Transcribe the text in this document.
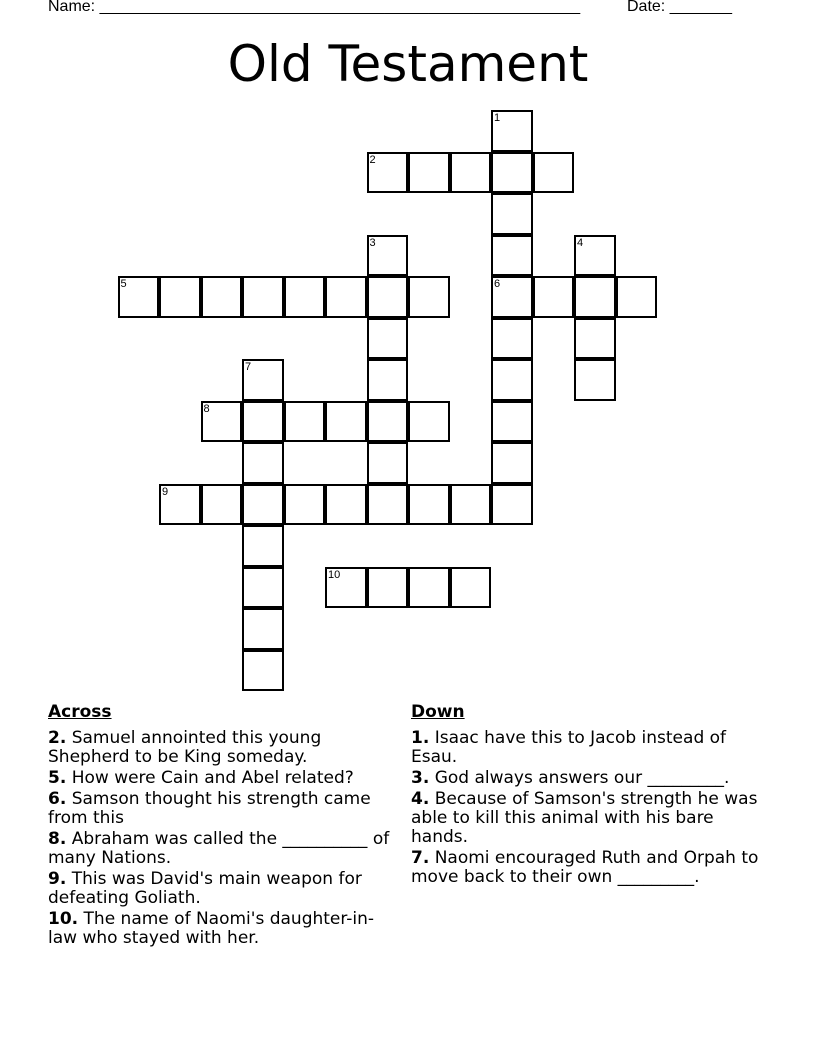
Name: ______________________________________________________	Date: _______
Old Testament
1
2
3	4
5	6
7
8
9
10
Across
2. Samuel annointed this young Shepherd to be King someday.
5. How were Cain and Abel related?
6. Samson thought his strength came from this
8. Abraham was called the __________ of many Nations.
9. This was David's main weapon for defeating Goliath.
10. The name of Naomi's daughter-in-law who stayed with her.
Down
1. Isaac have this to Jacob instead of Esau.
3. God always answers our _________.
4. Because of Samson's strength he was able to kill this animal with his bare hands.
7. Naomi encouraged Ruth and Orpah to move back to their own _________.
